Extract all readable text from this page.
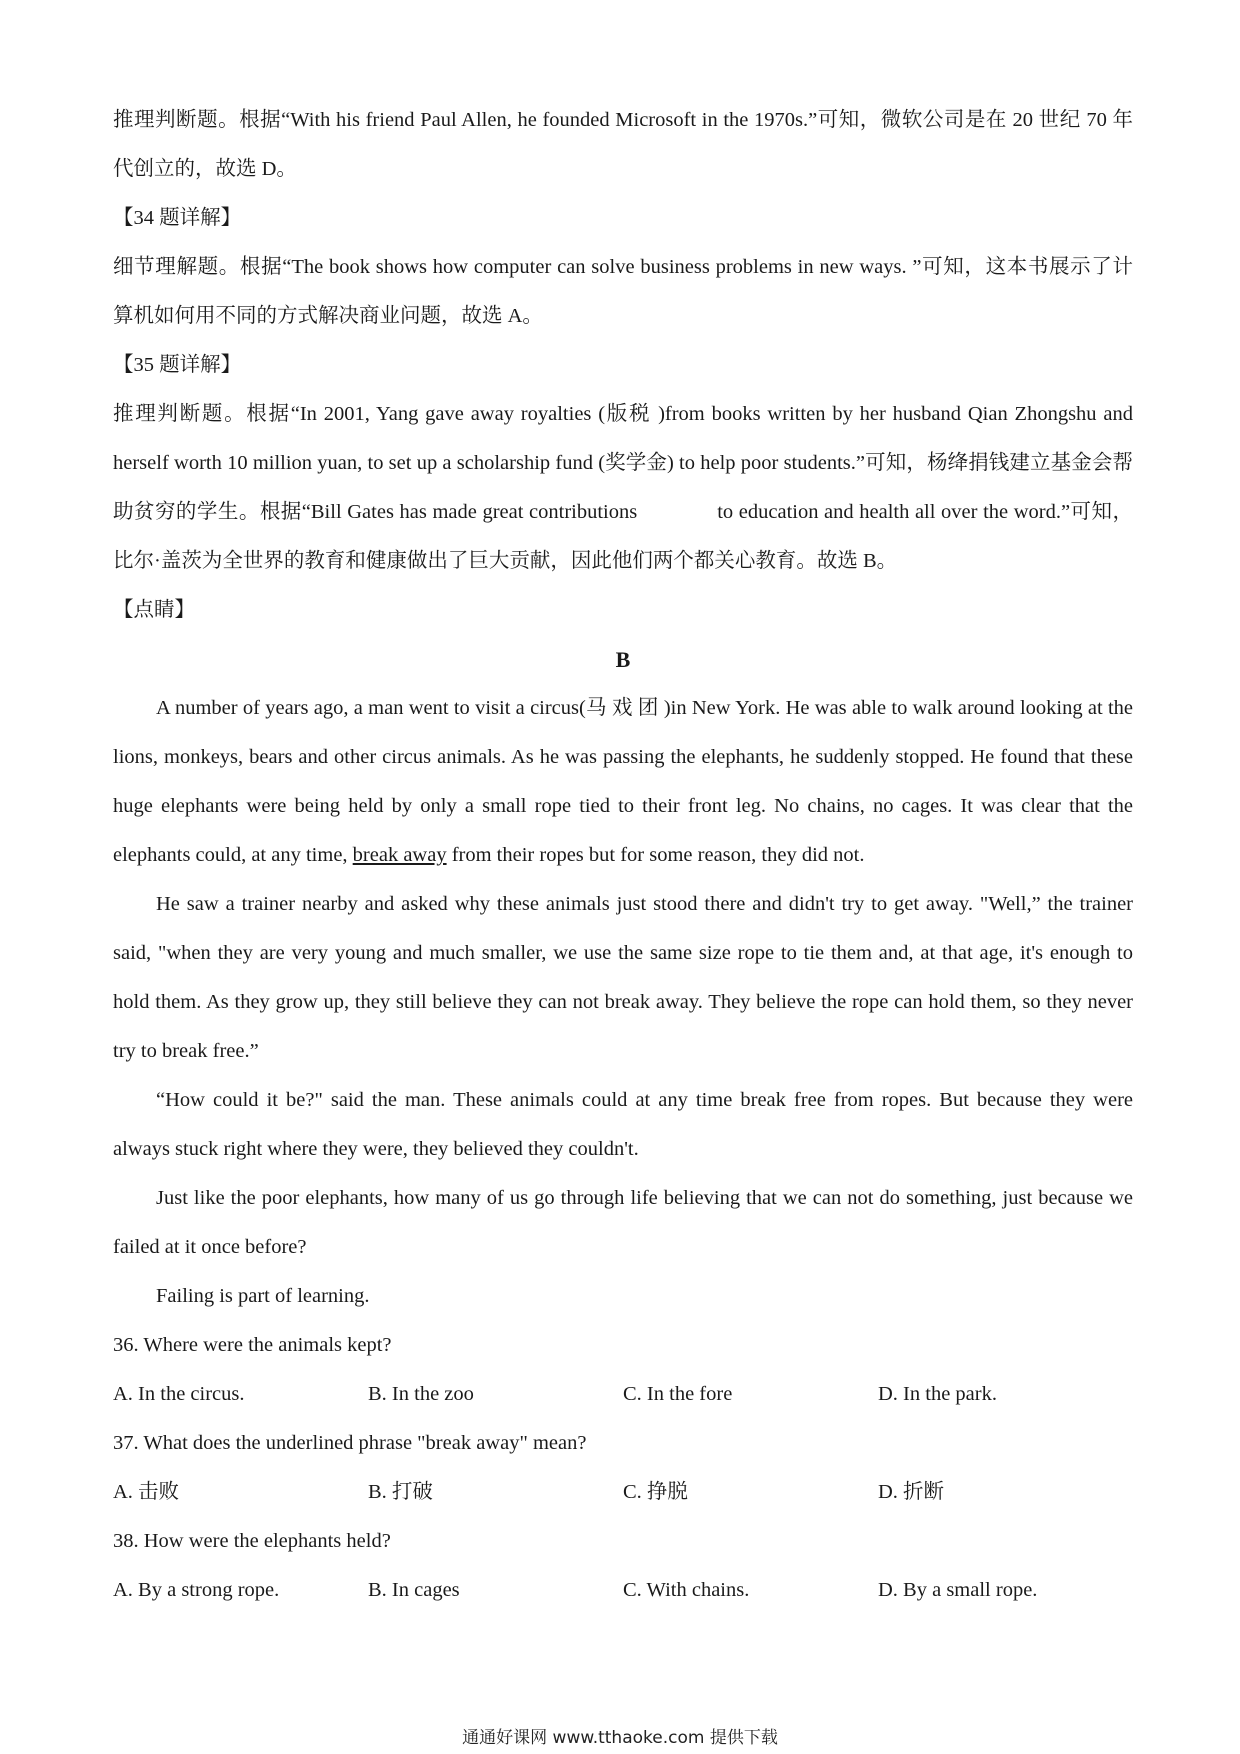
推理判断题。根据“With his friend Paul Allen, he founded Microsoft in the 1970s.”可知，微软公司是在 20 世纪 70 年代创立的，故选 D。

【34 题详解】

细节理解题。根据“The book shows how computer can solve business problems in new ways. ”可知，这本书展示了计算机如何用不同的方式解决商业问题，故选 A。

【35 题详解】

推理判断题。根据“In 2001, Yang gave away royalties (版税 )from books written by her husband Qian Zhongshu and herself worth 10 million yuan, to set up a scholarship fund (奖学金) to help poor students.”可知，杨绛捐钱建立基金会帮助贫穷的学生。根据“Bill Gates has made great contributions	to education and health all over the word.”可知，比尔·盖茨为全世界的教育和健康做出了巨大贡献，因此他们两个都关心教育。故选 B。

【点睛】

B

A number of years ago, a man went to visit a circus(马 戏 团 )in New York. He was able to walk around looking at the lions, monkeys, bears and other circus animals. As he was passing the elephants, he suddenly stopped. He found that these huge elephants were being held by only a small rope tied to their front leg. No chains, no cages. It was clear that the elephants could, at any time, break away from their ropes but for some reason, they did not.

He saw a trainer nearby and asked why these animals just stood there and didn't try to get away. "Well,” the trainer said, "when they are very young and much smaller, we use the same size rope to tie them and, at that age, it's enough to hold them. As they grow up, they still believe they can not break away. They believe the rope can hold them, so they never try to break free.”

“How could it be?" said the man. These animals could at any time break free from ropes. But because they were always stuck right where they were, they believed they couldn't.

Just like the poor elephants, how many of us go through life believing that we can not do something, just because we failed at it once before?

Failing is part of learning.

36. Where were the animals kept?

A. In the circus.	B. In the zoo	C. In the fore	D. In the park.

37. What does the underlined phrase "break away" mean?

A. 击败	B. 打破	C. 挣脱	D. 折断

38. How were the elephants held?

A. By a strong rope.	B. In cages	C. With chains.	D. By a small rope.
通通好课网 www.tthaoke.com 提供下载
